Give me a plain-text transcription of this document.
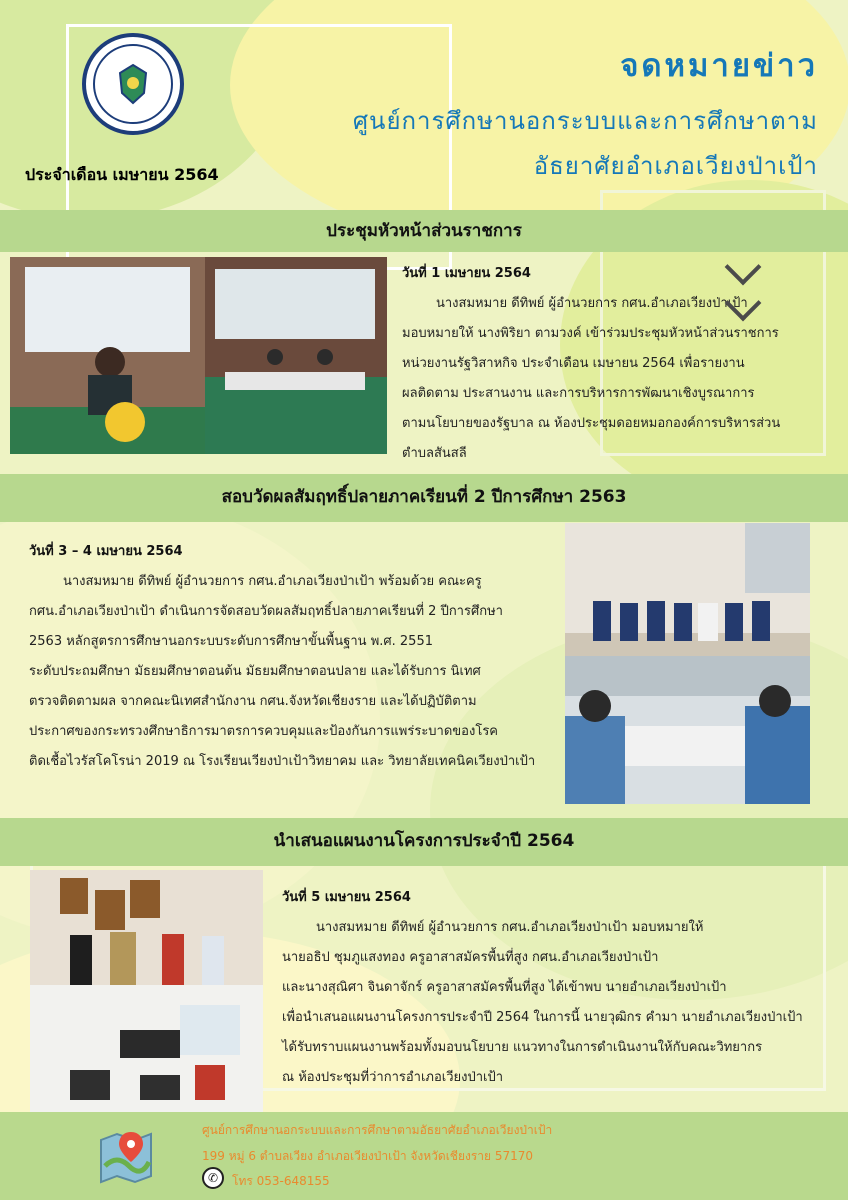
ประจำเดือน เมษายน 2564
จดหมายข่าว
ศูนย์การศึกษานอกระบบและการศึกษาตาม
อัธยาศัยอำเภอเวียงป่าเป้า
ประชุมหัวหน้าส่วนราชการ
วันที่ 1 เมษายน 2564
นางสมหมาย ดีทิพย์ ผู้อำนวยการ กศน.อำเภอเวียงป่าเป้า
มอบหมายให้ นางพิริยา ตามวงค์ เข้าร่วมประชุมหัวหน้าส่วนราชการ
หน่วยงานรัฐวิสาหกิจ ประจำเดือน เมษายน 2564 เพื่อรายงาน
ผลติดตาม ประสานงาน และการบริหารการพัฒนาเชิงบูรณาการ
ตามนโยบายของรัฐบาล ณ ห้องประชุมดอยหมอกองค์การบริหารส่วน
ตำบลสันสลี
สอบวัดผลสัมฤทธิ์ปลายภาคเรียนที่ 2 ปีการศึกษา 2563
วันที่ 3 – 4 เมษายน 2564
นางสมหมาย ดีทิพย์ ผู้อำนวยการ กศน.อำเภอเวียงป่าเป้า พร้อมด้วย คณะครู
กศน.อำเภอเวียงป่าเป้า ดำเนินการจัดสอบวัดผลสัมฤทธิ์ปลายภาคเรียนที่ 2 ปีการศึกษา
2563 หลักสูตรการศึกษานอกระบบระดับการศึกษาขั้นพื้นฐาน พ.ศ. 2551
ระดับประถมศึกษา มัธยมศึกษาตอนต้น มัธยมศึกษาตอนปลาย และได้รับการ นิเทศ
ตรวจติดตามผล จากคณะนิเทศสำนักงาน กศน.จังหวัดเชียงราย และได้ปฏิบัติตาม
ประกาศของกระทรวงศึกษาธิการมาตรการควบคุมและป้องกันการแพร่ระบาดของโรค
ติดเชื้อไวรัสโคโรน่า 2019 ณ โรงเรียนเวียงป่าเป้าวิทยาคม และ วิทยาลัยเทคนิคเวียงป่าเป้า
นำเสนอแผนงานโครงการประจำปี 2564
วันที่ 5 เมษายน 2564
นางสมหมาย ดีทิพย์ ผู้อำนวยการ กศน.อำเภอเวียงป่าเป้า มอบหมายให้
นายอธิป ชุมภูแสงทอง ครูอาสาสมัครพื้นที่สูง กศน.อำเภอเวียงป่าเป้า
และนางสุณิศา จินดาจักร์ ครูอาสาสมัครพื้นที่สูง ได้เข้าพบ นายอำเภอเวียงป่าเป้า
เพื่อนำเสนอแผนงานโครงการประจำปี 2564 ในการนี้ นายวุฒิกร คำมา นายอำเภอเวียงป่าเป้า
ได้รับทราบแผนงานพร้อมทั้งมอบนโยบาย แนวทางในการดำเนินงานให้กับคณะวิทยากร
ณ ห้องประชุมที่ว่าการอำเภอเวียงป่าเป้า
ศูนย์การศึกษานอกระบบและการศึกษาตามอัธยาศัยอำเภอเวียงป่าเป้า
199 หมู่ 6 ตำบลเวียง อำเภอเวียงป่าเป้า จังหวัดเชียงราย 57170
✆	โทร 053-648155
